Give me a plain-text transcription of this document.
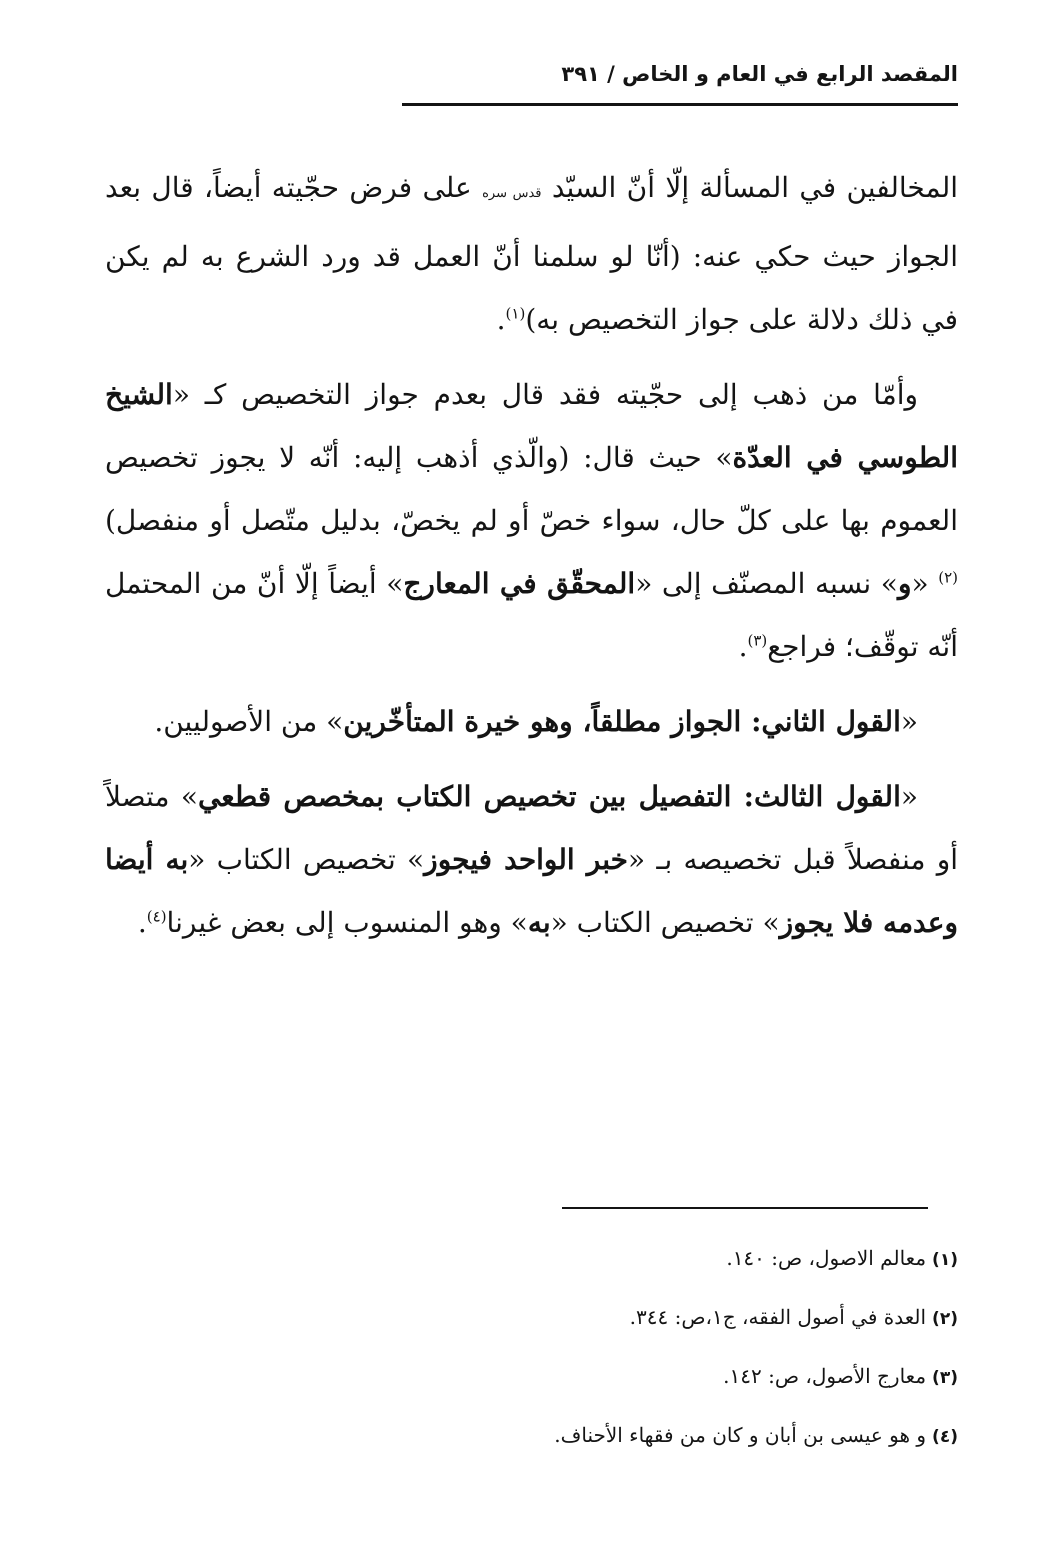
المقصد الرابع في العام و الخاص / ٣٩١

المخالفين في المسألة إلّا أنّ السيّد قدس سره على فرض حجّيته أيضاً، قال بعد الجواز حيث حكي عنه: (أنّا لو سلمنا أنّ العمل قد ورد الشرع به لم يكن في ذلك دلالة على جواز التخصيص به)$^{(١)}$.

وأمّا من ذهب إلى حجّيته فقد قال بعدم جواز التخصيص كـ «الشيخ الطوسي في العدّة» حيث قال: (والّذي أذهب إليه: أنّه لا يجوز تخصيص العموم بها على كلّ حال، سواء خصّ أو لم يخصّ، بدليل متّصل أو منفصل)$^{(٢)}$ «و» نسبه المصنّف إلى «المحقّق في المعارج» أيضاً إلّا أنّ من المحتمل أنّه توقّف؛ فراجع$^{(٣)}$.

«القول الثاني: الجواز مطلقاً، وهو خيرة المتأخّرين» من الأصوليين.

«القول الثالث: التفصيل بين تخصيص الكتاب بمخصص قطعي» متصلاً أو منفصلاً قبل تخصيصه بـ «خبر الواحد فيجوز» تخصيص الكتاب «به أيضا وعدمه فلا يجوز» تخصيص الكتاب «به» وهو المنسوب إلى بعض غيرنا$^{(٤)}$.

(١)معالم الاصول، ص: ١٤٠.

(٢)العدة في أصول الفقه، ج١،ص: ٣٤٤.

(٣)معارج الأصول، ص: ١٤٢.

(٤)و هو عيسى بن أبان و كان من فقهاء الأحناف.
